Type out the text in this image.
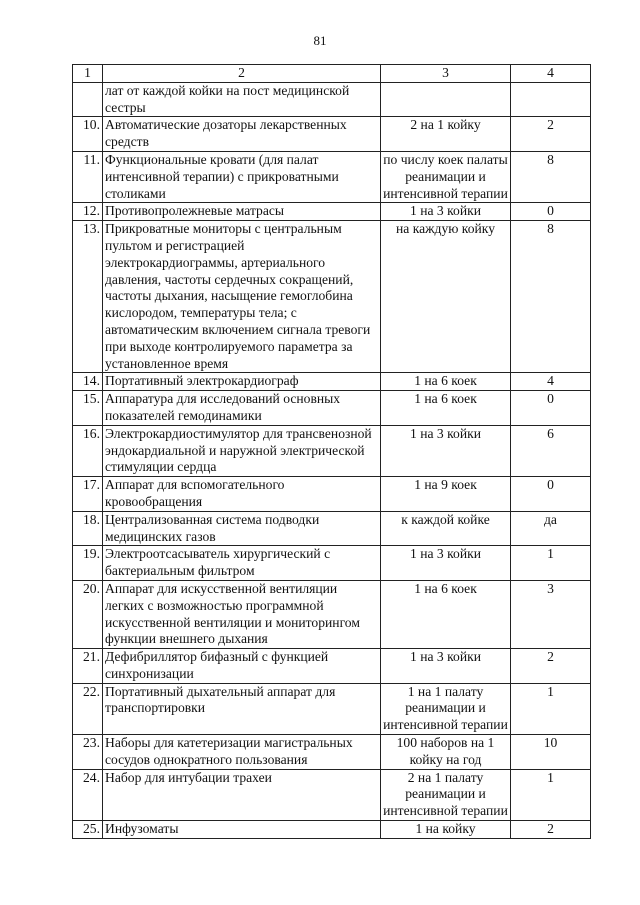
81
1	2	3	4
	лат от каждой койки на пост медицинской сестры		
10.	Автоматические дозаторы лекарственных средств	2 на 1 койку	2
11.	Функциональные кровати (для палат интенсивной терапии) с прикроватными столиками	по числу коек палаты реанимации и интенсивной терапии	8
12.	Противопролежневые матрасы	1 на 3 койки	0
13.	Прикроватные мониторы с центральным пультом и регистрацией электрокардиограммы, артериального давления, частоты сердечных сокращений, частоты дыхания, насыщение гемоглобина кислородом, температуры тела; с автоматическим включением сигнала тревоги при выходе контролируемого параметра за установленное время	на каждую койку	8
14.	Портативный электрокардиограф	1 на 6 коек	4
15.	Аппаратура для исследований основных показателей гемодинамики	1 на 6 коек	0
16.	Электрокардиостимулятор для трансвенозной эндокардиальной и наружной электрической стимуляции сердца	1 на 3 койки	6
17.	Аппарат для вспомогательного кровообращения	1 на 9 коек	0
18.	Централизованная система подводки медицинских газов	к каждой койке	да
19.	Электроотсасыватель хирургический с бактериальным фильтром	1 на 3 койки	1
20.	Аппарат для искусственной вентиляции легких с возможностью программной искусственной вентиляции и мониторингом функции внешнего дыхания	1 на 6 коек	3
21.	Дефибриллятор бифазный с функцией синхронизации	1 на 3 койки	2
22.	Портативный дыхательный аппарат для транспортировки	1 на 1 палату реанимации и интенсивной терапии	1
23.	Наборы для катетеризации магистральных сосудов однократного пользования	100 наборов на 1 койку на год	10
24.	Набор для интубации трахеи	2 на 1 палату реанимации и интенсивной терапии	1
25.	Инфузоматы	1 на койку	2
